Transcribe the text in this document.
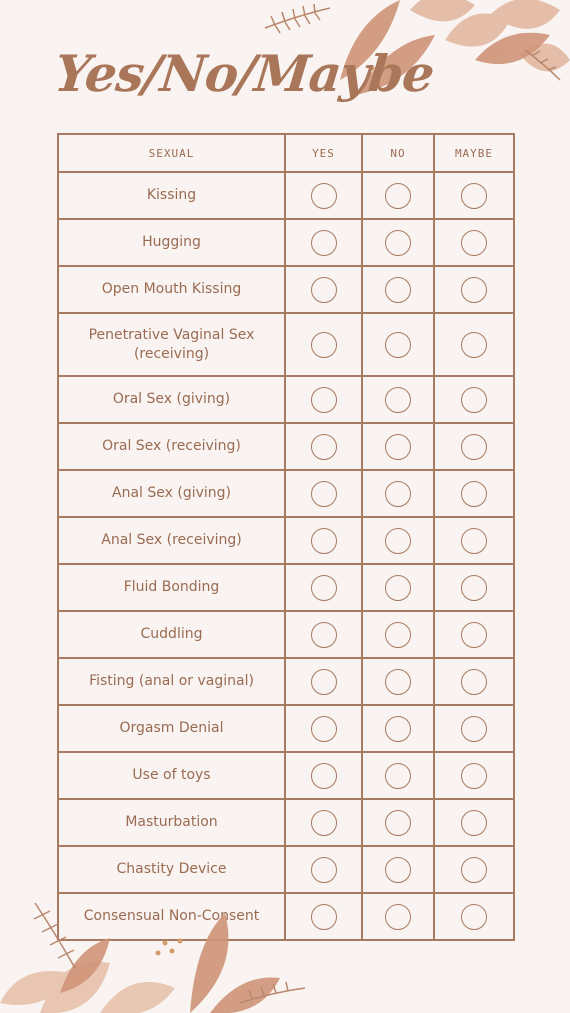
Yes/No/Maybe
SEXUAL	YES	NO	MAYBE
Kissing			
Hugging			
Open Mouth Kissing			
Penetrative Vaginal Sex (receiving)			
Oral Sex (giving)			
Oral Sex (receiving)			
Anal Sex (giving)			
Anal Sex (receiving)			
Fluid Bonding			
Cuddling			
Fisting (anal or vaginal)			
Orgasm Denial			
Use of toys			
Masturbation			
Chastity Device			
Consensual Non-Consent			
